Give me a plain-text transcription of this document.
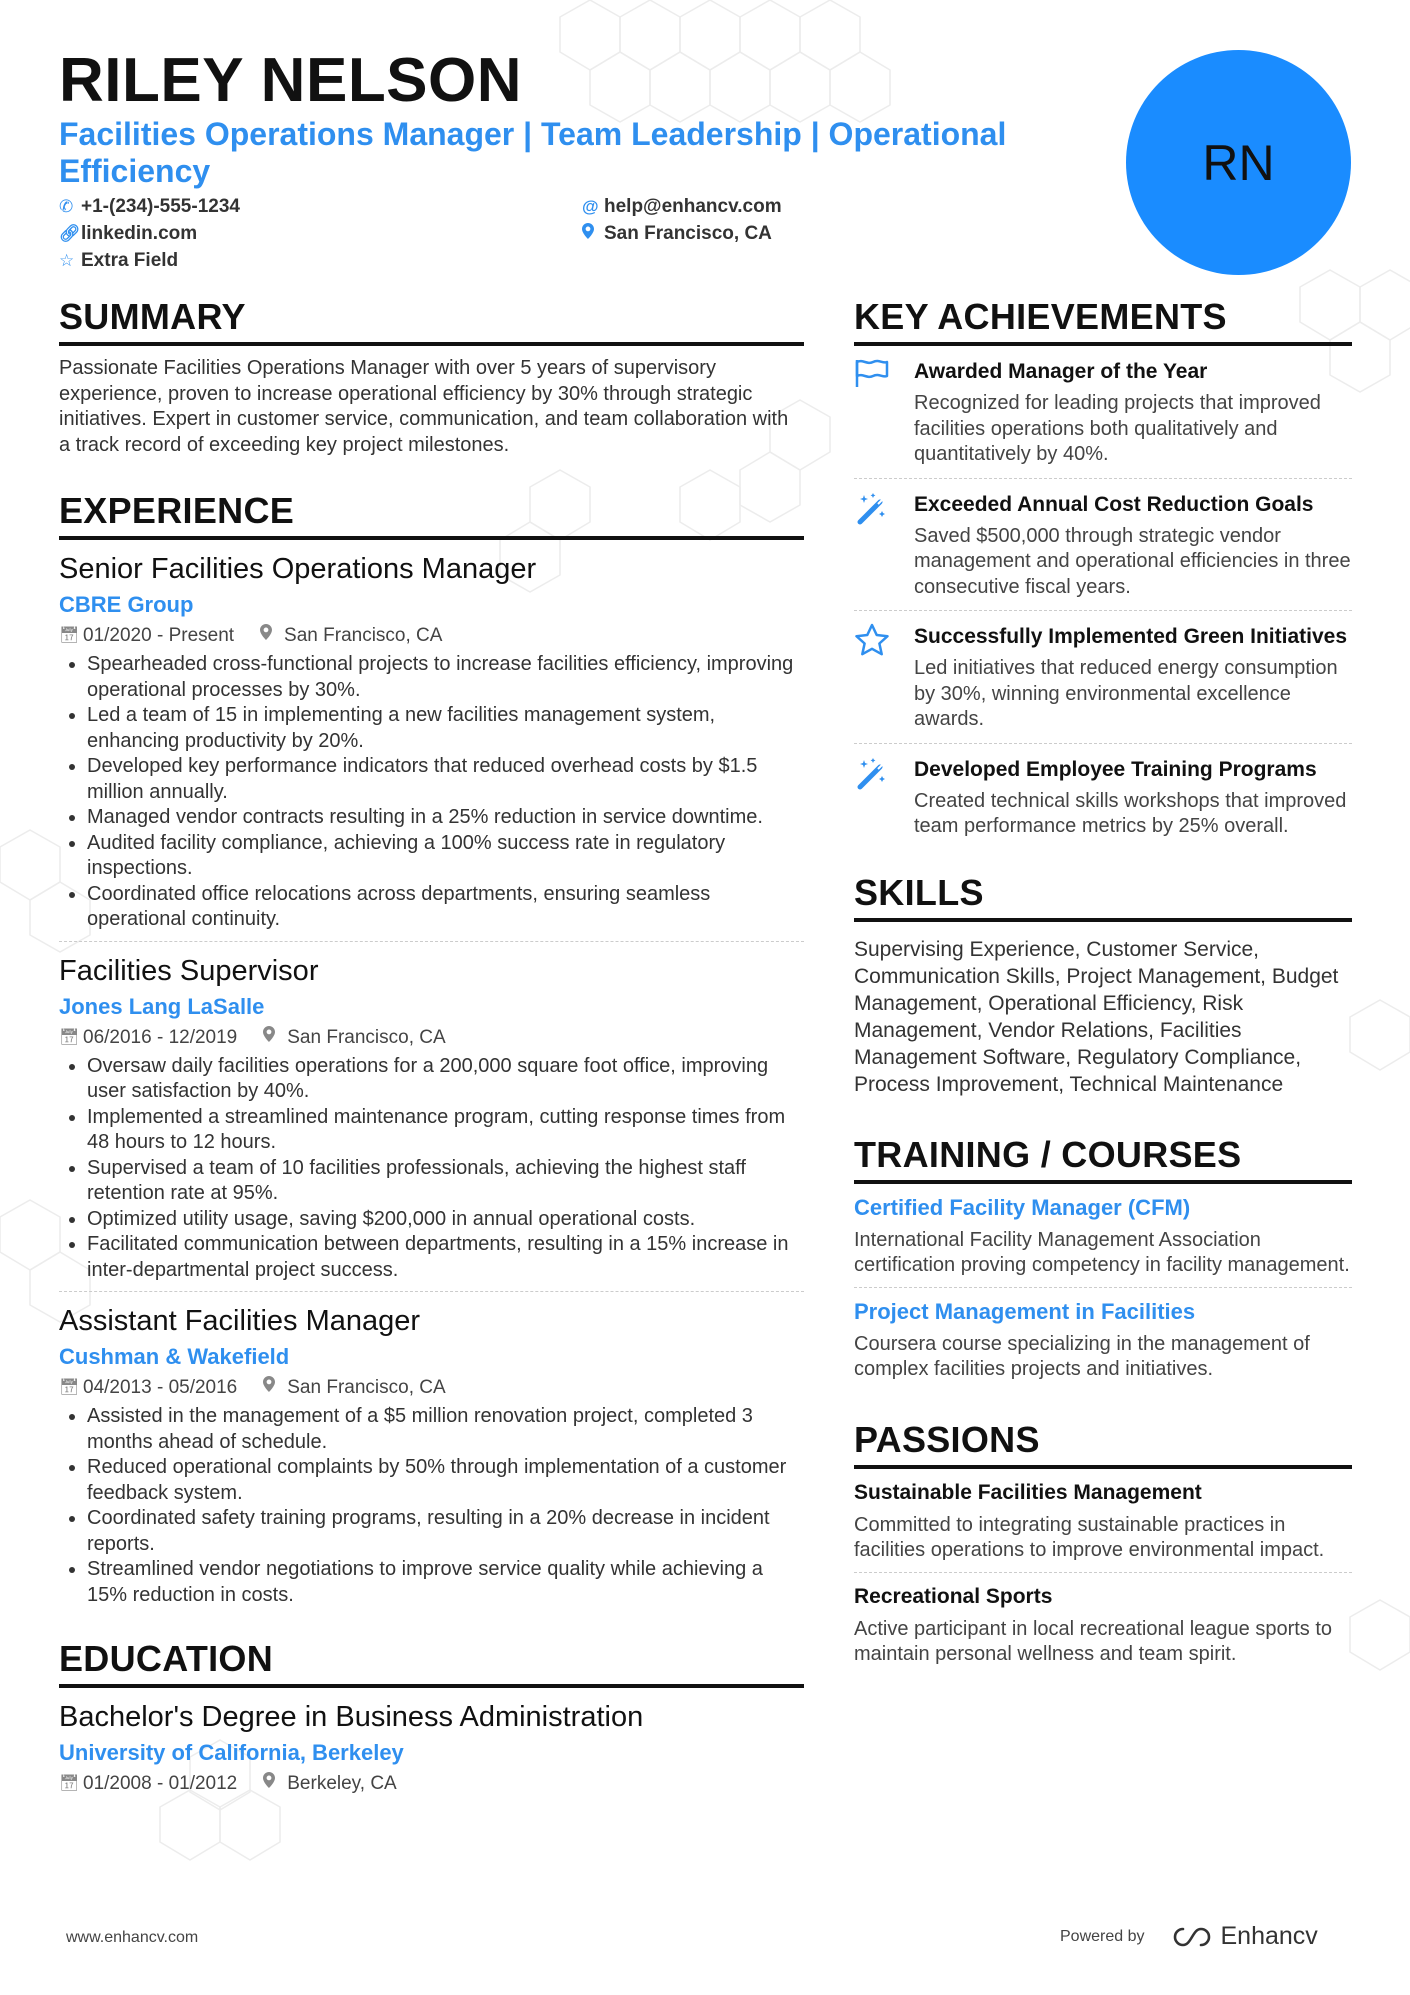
RILEY NELSON

Facilities Operations Manager | Team Leadership | Operational Efficiency

✆ +1-(234)-555-1234	@ help@enhancv.com
🔗︎ linkedin.com	San Francisco, CA
☆ Extra Field
RN
SUMMARY

Passionate Facilities Operations Manager with over 5 years of supervisory experience, proven to increase operational efficiency by 30% through strategic initiatives. Expert in customer service, communication, and team collaboration with a track record of exceeding key project milestones.

EXPERIENCE

Senior Facilities Operations Manager

CBRE Group

📅︎ 01/2020 - Present	San Francisco, CA
• Spearheaded cross-functional projects to increase facilities efficiency, improving operational processes by 30%.
• Led a team of 15 in implementing a new facilities management system, enhancing productivity by 20%.
• Developed key performance indicators that reduced overhead costs by $1.5 million annually.
• Managed vendor contracts resulting in a 25% reduction in service downtime.
• Audited facility compliance, achieving a 100% success rate in regulatory inspections.
• Coordinated office relocations across departments, ensuring seamless operational continuity.

Facilities Supervisor

Jones Lang LaSalle

📅︎ 06/2016 - 12/2019	San Francisco, CA
• Oversaw daily facilities operations for a 200,000 square foot office, improving user satisfaction by 40%.
• Implemented a streamlined maintenance program, cutting response times from 48 hours to 12 hours.
• Supervised a team of 10 facilities professionals, achieving the highest staff retention rate at 95%.
• Optimized utility usage, saving $200,000 in annual operational costs.
• Facilitated communication between departments, resulting in a 15% increase in inter-departmental project success.

Assistant Facilities Manager

Cushman & Wakefield

📅︎ 04/2013 - 05/2016	San Francisco, CA
• Assisted in the management of a $5 million renovation project, completed 3 months ahead of schedule.
• Reduced operational complaints by 50% through implementation of a customer feedback system.
• Coordinated safety training programs, resulting in a 20% decrease in incident reports.
• Streamlined vendor negotiations to improve service quality while achieving a 15% reduction in costs.
EDUCATION

Bachelor's Degree in Business Administration

University of California, Berkeley

📅︎ 01/2008 - 01/2012	Berkeley, CA
KEY ACHIEVEMENTS

Awarded Manager of the Year

Recognized for leading projects that improved facilities operations both qualitatively and quantitatively by 40%.

Exceeded Annual Cost Reduction Goals

Saved $500,000 through strategic vendor management and operational efficiencies in three consecutive fiscal years.

Successfully Implemented Green Initiatives

Led initiatives that reduced energy consumption by 30%, winning environmental excellence awards.

Developed Employee Training Programs

Created technical skills workshops that improved team performance metrics by 25% overall.

SKILLS

Supervising Experience, Customer Service, Communication Skills, Project Management, Budget Management, Operational Efficiency, Risk Management, Vendor Relations, Facilities Management Software, Regulatory Compliance, Process Improvement, Technical Maintenance

TRAINING / COURSES

Certified Facility Manager (CFM)

International Facility Management Association certification proving competency in facility management.

Project Management in Facilities

Coursera course specializing in the management of complex facilities projects and initiatives.

PASSIONS

Sustainable Facilities Management

Committed to integrating sustainable practices in facilities operations to improve environmental impact.

Recreational Sports

Active participant in local recreational league sports to maintain personal wellness and team spirit.

www.enhancv.com	Powered by	Enhancv
